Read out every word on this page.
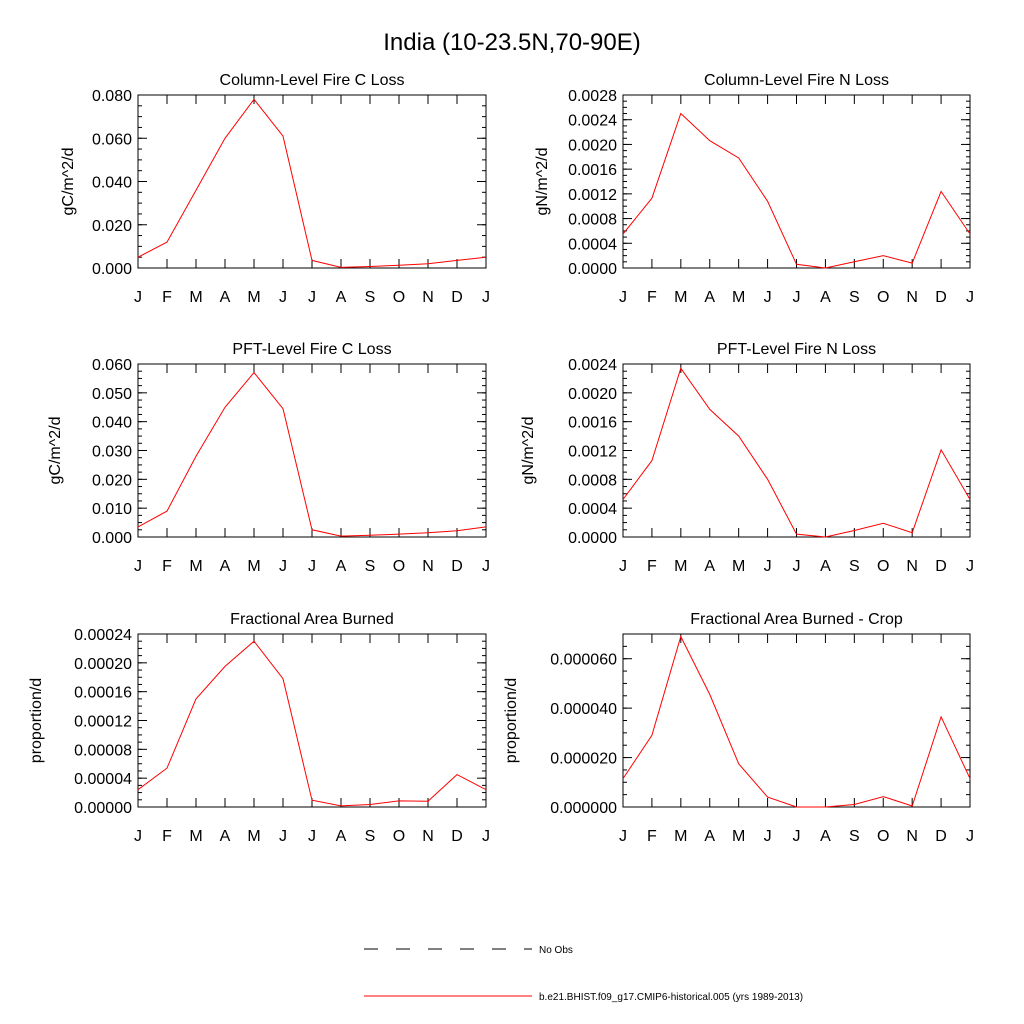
India (10-23.5N,70-90E)
Column-Level Fire C Loss
gC/m^2/d
0.000
0.020
0.040
0.060
0.080
J F M A M J J A S O N D J
Column-Level Fire N Loss
gN/m^2/d
0.0000
0.0004
0.0008
0.0012
0.0016
0.0020
0.0024
0.0028
J F M A M J J A S O N D J
PFT-Level Fire C Loss
gC/m^2/d
0.000
0.010
0.020
0.030
0.040
0.050
0.060
J F M A M J J A S O N D J
PFT-Level Fire N Loss
gN/m^2/d
0.0000
0.0004
0.0008
0.0012
0.0016
0.0020
0.0024
J F M A M J J A S O N D J
Fractional Area Burned
proportion/d
0.00000
0.00004
0.00008
0.00012
0.00016
0.00020
0.00024
J F M A M J J A S O N D J
Fractional Area Burned - Crop
proportion/d
0.000000
0.000020
0.000040
0.000060
J F M A M J J A S O N D J
No Obs
b.e21.BHIST.f09_g17.CMIP6-historical.005 (yrs 1989-2013)
